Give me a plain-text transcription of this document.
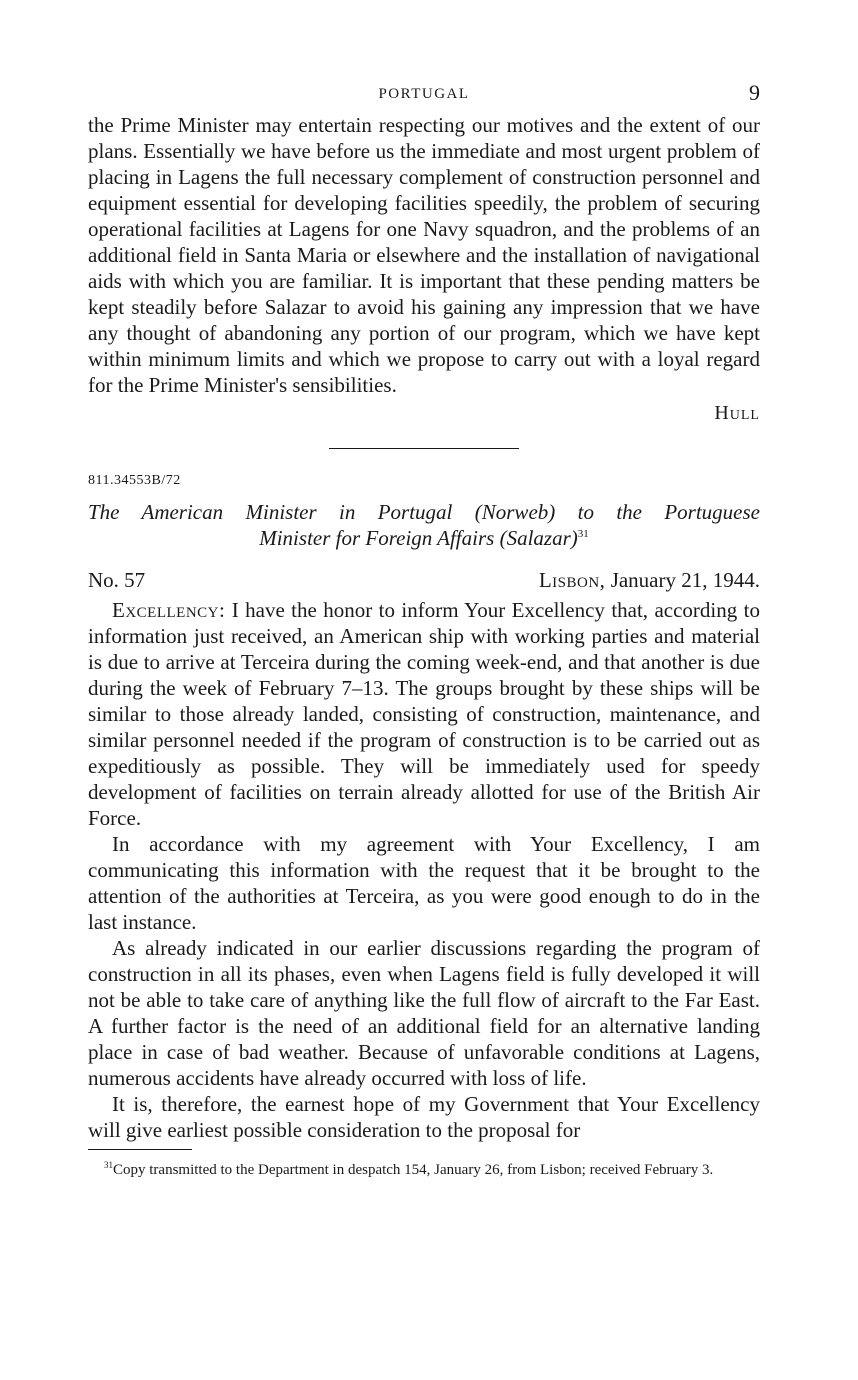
PORTUGAL	9

the Prime Minister may entertain respecting our motives and the extent of our plans. Essentially we have before us the immediate and most urgent problem of placing in Lagens the full necessary complement of construction personnel and equipment essential for developing facilities speedily, the problem of securing operational facilities at Lagens for one Navy squadron, and the problems of an additional field in Santa Maria or elsewhere and the installation of navigational aids with which you are familiar. It is important that these pending matters be kept steadily before Salazar to avoid his gaining any impression that we have any thought of abandoning any portion of our program, which we have kept within minimum limits and which we propose to carry out with a loyal regard for the Prime Minister's sensibilities.

Hull
811.34553B/72
The American Minister in Portugal (Norweb) to the Portuguese
Minister for Foreign Affairs (Salazar)$^{31}$
No. 57	Lisbon, January 21, 1944.

Excellency: I have the honor to inform Your Excellency that, according to information just received, an American ship with working parties and material is due to arrive at Terceira during the coming week-end, and that another is due during the week of February 7–13. The groups brought by these ships will be similar to those already landed, consisting of construction, maintenance, and similar personnel needed if the program of construction is to be carried out as expeditiously as possible. They will be immediately used for speedy development of facilities on terrain already allotted for use of the British Air Force.

In accordance with my agreement with Your Excellency, I am communicating this information with the request that it be brought to the attention of the authorities at Terceira, as you were good enough to do in the last instance.

As already indicated in our earlier discussions regarding the program of construction in all its phases, even when Lagens field is fully developed it will not be able to take care of anything like the full flow of aircraft to the Far East. A further factor is the need of an additional field for an alternative landing place in case of bad weather. Because of unfavorable conditions at Lagens, numerous accidents have already occurred with loss of life.

It is, therefore, the earnest hope of my Government that Your Excellency will give earliest possible consideration to the proposal for

$^{31}$Copy transmitted to the Department in despatch 154, January 26, from Lisbon; received February 3.
